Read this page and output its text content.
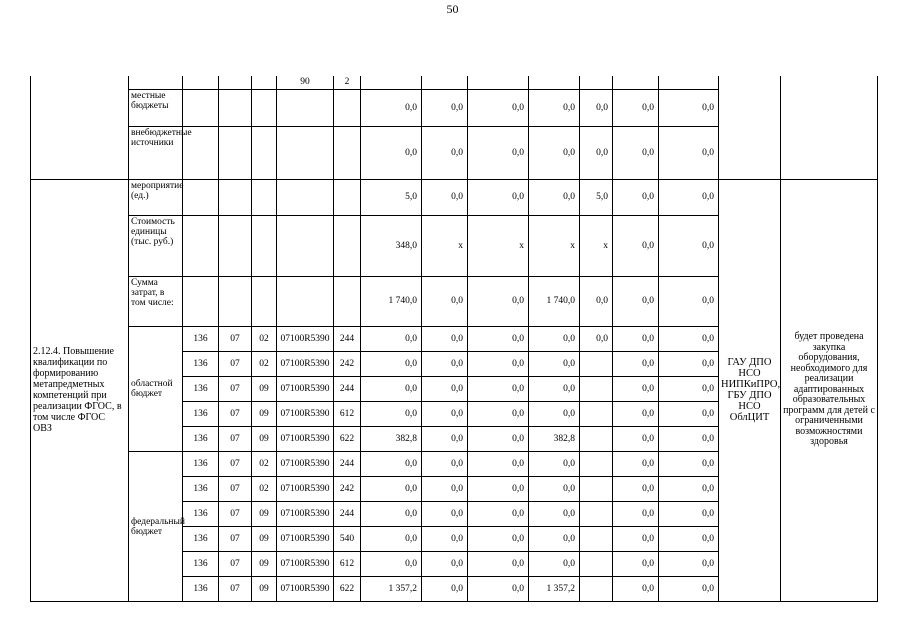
50
					90	2									
	местные бюджеты						0,0	0,0	0,0	0,0	0,0	0,0	0,0		
	внебюджетные источники						0,0	0,0	0,0	0,0	0,0	0,0	0,0		
2.12.4. Повышение квалификации по формированию метапредметных компетенций при реализации ФГОС, в том числе ФГОС ОВЗ	мероприятие (ед.)						5,0	0,0	0,0	0,0	5,0	0,0	0,0	ГАУ ДПО НСО НИПКиПРО, ГБУ ДПО НСО ОблЦИТ	будет проведена закупка оборудования, необходимого для реализации адаптированных образовательных программ для детей с ограниченными возможностями здоровья
	Стоимость единицы (тыс. руб.)						348,0	х	х	х	х	0,0	0,0		
	Сумма затрат, в том числе:						1 740,0	0,0	0,0	1 740,0	0,0	0,0	0,0		
	областной бюджет	136	07	02	07100R5390	244	0,0	0,0	0,0	0,0	0,0	0,0	0,0		
		136	07	02	07100R5390	242	0,0	0,0	0,0	0,0		0,0	0,0		
		136	07	09	07100R5390	244	0,0	0,0	0,0	0,0		0,0	0,0		
		136	07	09	07100R5390	612	0,0	0,0	0,0	0,0		0,0	0,0		
		136	07	09	07100R5390	622	382,8	0,0	0,0	382,8		0,0	0,0		
	федеральный бюджет	136	07	02	07100R5390	244	0,0	0,0	0,0	0,0		0,0	0,0		
		136	07	02	07100R5390	242	0,0	0,0	0,0	0,0		0,0	0,0		
		136	07	09	07100R5390	244	0,0	0,0	0,0	0,0		0,0	0,0		
		136	07	09	07100R5390	540	0,0	0,0	0,0	0,0		0,0	0,0		
		136	07	09	07100R5390	612	0,0	0,0	0,0	0,0		0,0	0,0		
		136	07	09	07100R5390	622	1 357,2	0,0	0,0	1 357,2		0,0	0,0		
